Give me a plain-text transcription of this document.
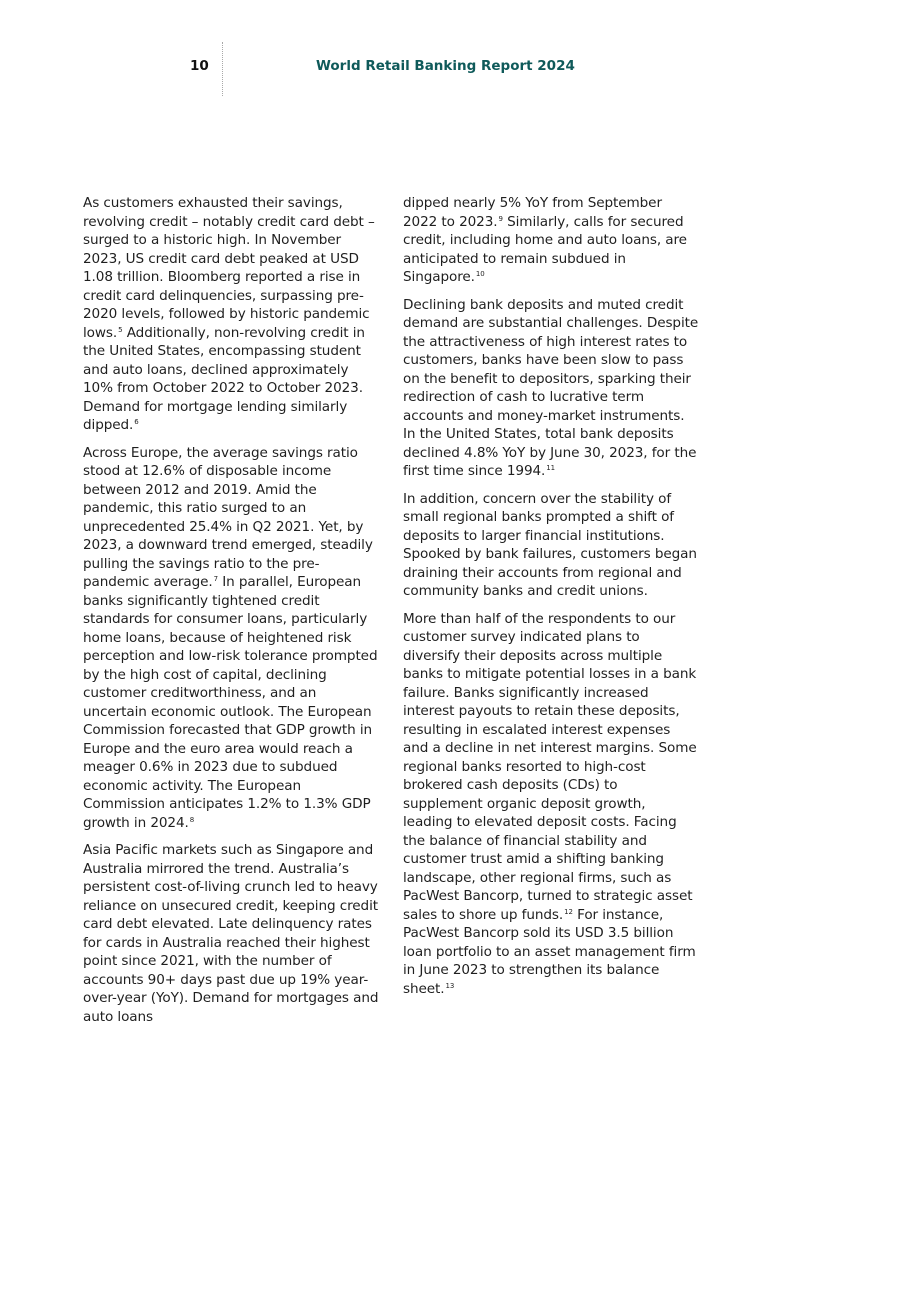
10	World Retail Banking Report 2024

As customers exhausted their savings, revolving credit – notably credit card debt – surged to a historic high. In November 2023, US credit card debt peaked at USD 1.08 trillion. Bloomberg reported a rise in credit card delinquencies, surpassing pre-2020 levels, followed by historic pandemic lows.$^5$ Additionally, non-revolving credit in the United States, encompassing student and auto loans, declined approximately 10% from October 2022 to October 2023. Demand for mortgage lending similarly dipped.$^6$

Across Europe, the average savings ratio stood at 12.6% of disposable income between 2012 and 2019. Amid the pandemic, this ratio surged to an unprecedented 25.4% in Q2 2021. Yet, by 2023, a downward trend emerged, steadily pulling the savings ratio to the pre-pandemic average.$^7$ In parallel, European banks significantly tightened credit standards for consumer loans, particularly home loans, because of heightened risk perception and low-risk tolerance prompted by the high cost of capital, declining customer creditworthiness, and an uncertain economic outlook. The European Commission forecasted that GDP growth in Europe and the euro area would reach a meager 0.6% in 2023 due to subdued economic activity. The European Commission anticipates 1.2% to 1.3% GDP growth in 2024.$^8$

Asia Pacific markets such as Singapore and Australia mirrored the trend. Australia’s persistent cost-of-living crunch led to heavy reliance on unsecured credit, keeping credit card debt elevated. Late delinquency rates for cards in Australia reached their highest point since 2021, with the number of accounts 90+ days past due up 19% year-over-year (YoY). Demand for mortgages and auto loans

dipped nearly 5% YoY from September 2022 to 2023.$^9$ Similarly, calls for secured credit, including home and auto loans, are anticipated to remain subdued in Singapore.$^{10}$

Declining bank deposits and muted credit demand are substantial challenges. Despite the attractiveness of high interest rates to customers, banks have been slow to pass on the benefit to depositors, sparking their redirection of cash to lucrative term accounts and money-market instruments. In the United States, total bank deposits declined 4.8% YoY by June 30, 2023, for the first time since 1994.11

In addition, concern over the stability of small regional banks prompted a shift of deposits to larger financial institutions. Spooked by bank failures, customers began draining their accounts from regional and community banks and credit unions.

More than half of the respondents to our customer survey indicated plans to diversify their deposits across multiple banks to mitigate potential losses in a bank failure. Banks significantly increased interest payouts to retain these deposits, resulting in escalated interest expenses and a decline in net interest margins. Some regional banks resorted to high-cost brokered cash deposits (CDs) to supplement organic deposit growth, leading to elevated deposit costs. Facing the balance of financial stability and customer trust amid a shifting banking landscape, other regional firms, such as PacWest Bancorp, turned to strategic asset sales to shore up funds.$^{12}$ For instance, PacWest Bancorp sold its USD 3.5 billion loan portfolio to an asset management firm in June 2023 to strengthen its balance sheet.$^{13}$
